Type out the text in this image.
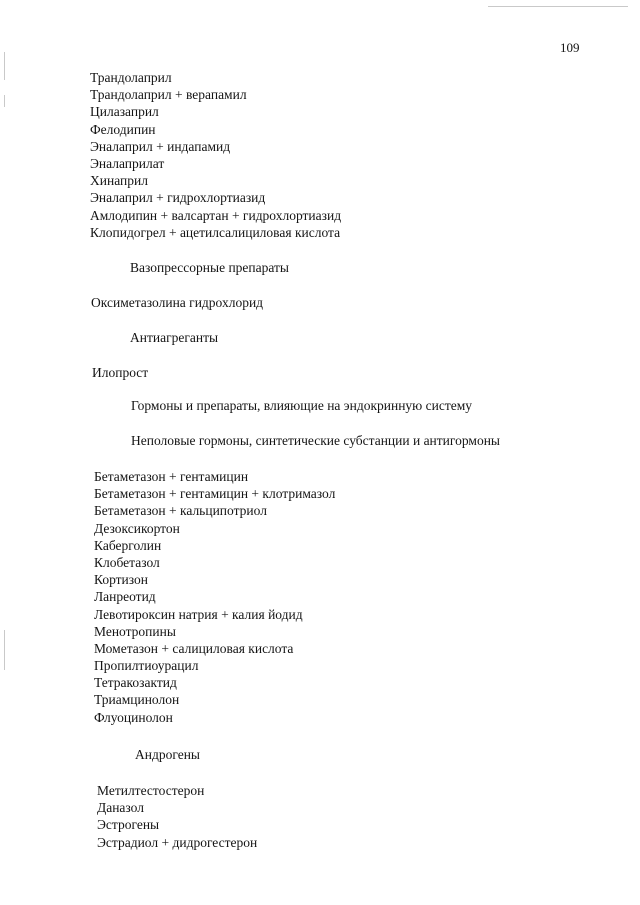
109
Трандолаприл
Трандолаприл + верапамил
Цилазаприл
Фелодипин
Эналаприл + индапамид
Эналаприлат
Хинаприл
Эналаприл + гидрохлортиазид
Амлодипин + валсартан + гидрохлортиазид
Клопидогрел + ацетилсалициловая кислота
Вазопрессорные препараты
Оксиметазолина гидрохлорид
Антиагреганты
Илопрост
Гормоны и препараты, влияющие на эндокринную систему
Неполовые гормоны, синтетические субстанции и антигормоны
Бетаметазон + гентамицин
Бетаметазон + гентамицин + клотримазол
Бетаметазон + кальципотриол
Дезоксикортон
Каберголин
Клобетазол
Кортизон
Ланреотид
Левотироксин натрия + калия йодид
Менотропины
Мометазон + салициловая кислота
Пропилтиоурацил
Тетракозактид
Триамцинолон
Флуоцинолон
Андрогены
Метилтестостерон
Даназол
Эстрогены
Эстрадиол + дидрогестерон
